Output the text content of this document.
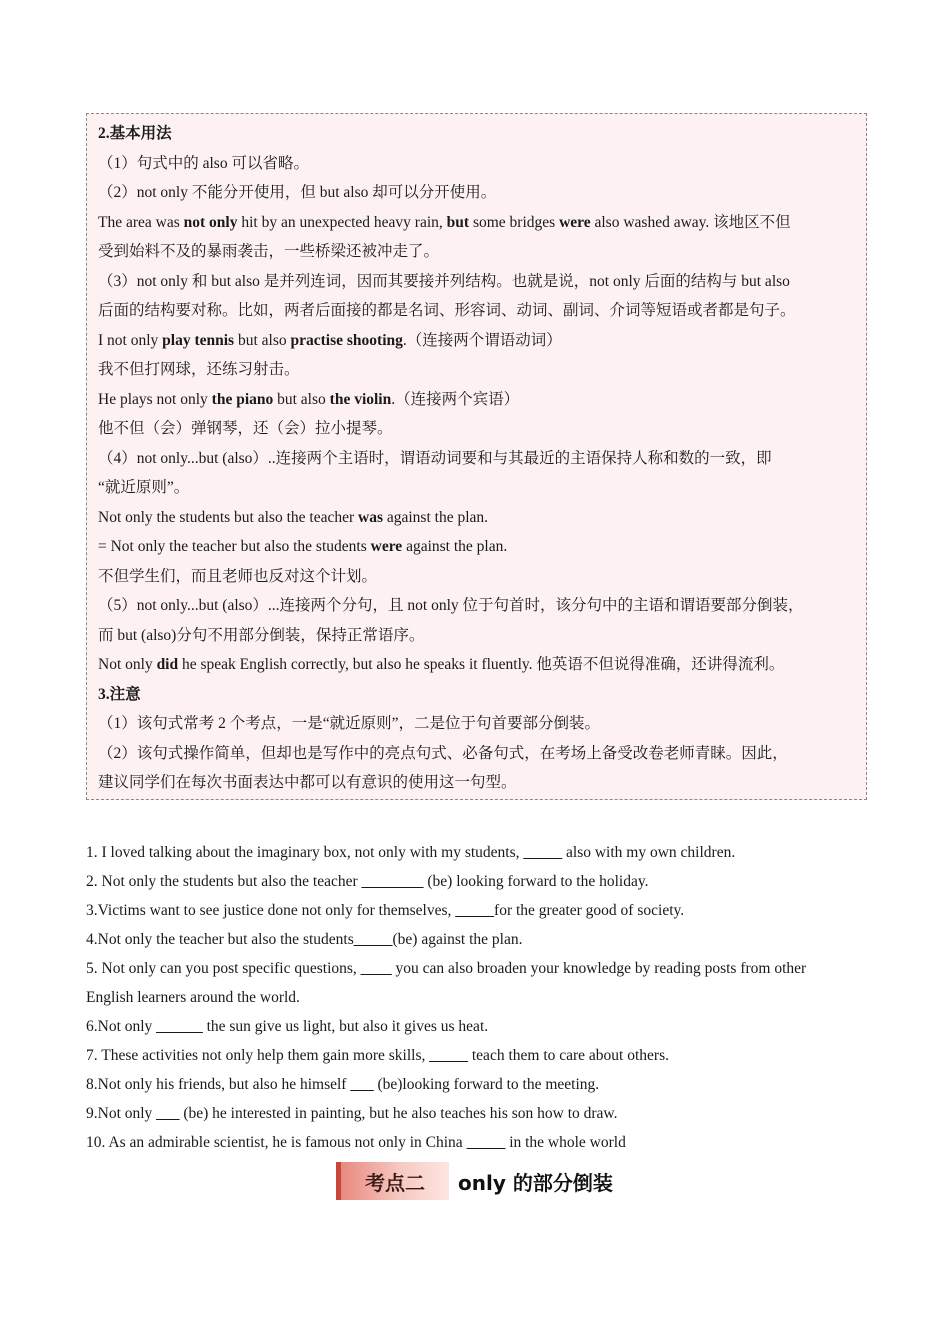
2.基本用法
（1）句式中的 also 可以省略。
（2）not only 不能分开使用，但 but also 却可以分开使用。
The area was not only hit by an unexpected heavy rain, but some bridges were also washed away. 该地区不但
受到始料不及的暴雨袭击，一些桥梁还被冲走了。
（3）not only 和 but also 是并列连词，因而其要接并列结构。也就是说，not only 后面的结构与 but also
后面的结构要对称。比如，两者后面接的都是名词、形容词、动词、副词、介词等短语或者都是句子。
I not only play tennis but also practise shooting.（连接两个谓语动词）
我不但打网球，还练习射击。
He plays not only the piano but also the violin.（连接两个宾语）
他不但（会）弹钢琴，还（会）拉小提琴。
（4）not only...but (also）..连接两个主语时，谓语动词要和与其最近的主语保持人称和数的一致，即
“就近原则”。
Not only the students but also the teacher was against the plan.
= Not only the teacher but also the students were against the plan.
不但学生们，而且老师也反对这个计划。
（5）not only...but (also）...连接两个分句，且 not only 位于句首时，该分句中的主语和谓语要部分倒装，
而 but (also)分句不用部分倒装，保持正常语序。
Not only did he speak English correctly, but also he speaks it fluently. 他英语不但说得准确，还讲得流利。
3.注意
（1）该句式常考 2 个考点，一是“就近原则”，二是位于句首要部分倒装。
（2）该句式操作简单，但却也是写作中的亮点句式、必备句式，在考场上备受改卷老师青睐。因此，
建议同学们在每次书面表达中都可以有意识的使用这一句型。
1. I loved talking about the imaginary box, not only with my students, _____ also with my own children.
2. Not only the students but also the teacher ________ (be) looking forward to the holiday.
3.Victims want to see justice done not only for themselves, _____for the greater good of society.
4.Not only the teacher but also the students_____(be) against the plan.
5. Not only can you post specific questions, ____ you can also broaden your knowledge by reading posts from other
English learners around the world.
6.Not only ______ the sun give us light, but also it gives us heat.
7. These activities not only help them gain more skills, _____ teach them to care about others.
8.Not only his friends, but also he himself ___ (be)looking forward to the meeting.
9.Not only ___ (be) he interested in painting, but he also teaches his son how to draw.
10. As an admirable scientist, he is famous not only in China _____ in the whole world
考点二	only 的部分倒装
